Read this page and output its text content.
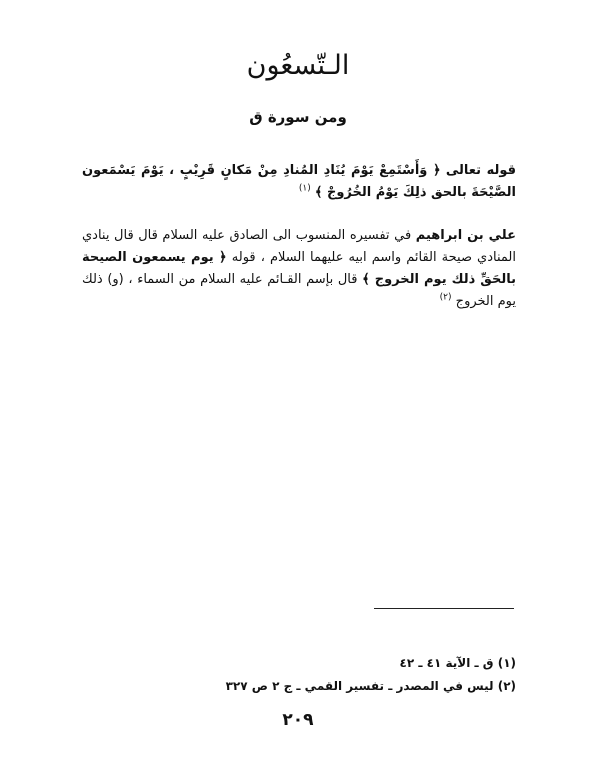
الـتّسعُون
ومن سورة ق

قوله تعالى ﴿ وَأَسْتَمِعْ يَوْمَ يُنَادِ المُنادِ مِنْ مَكانٍ قَرِيْبٍ ، يَوْمَ يَسْمَعون الصَّيْحَةَ بالحق ذلِكَ يَوْمُ الخُرُوجْ ﴾ $^{(١)}$

علي بن ابراهيم في تفسيره المنسوب الى الصادق عليه السلام قال قال ينادي المنادي صيحة القائم واسم ابيه عليهما السلام ، قوله ﴿ يوم يسمعون الصيحة بالحَقِّ ذلك يوم الخروج ﴾ قال بإسم القـائم عليه السلام من السماء ، (و) ذلك يوم الخروج $^{(٢)}$

(١) ق ـ الآية ٤١ ـ ٤٢
(٢) ليس في المصدر ـ تفسير القمي ـ ج ٢ ص ٣٢٧
٢٠٩
